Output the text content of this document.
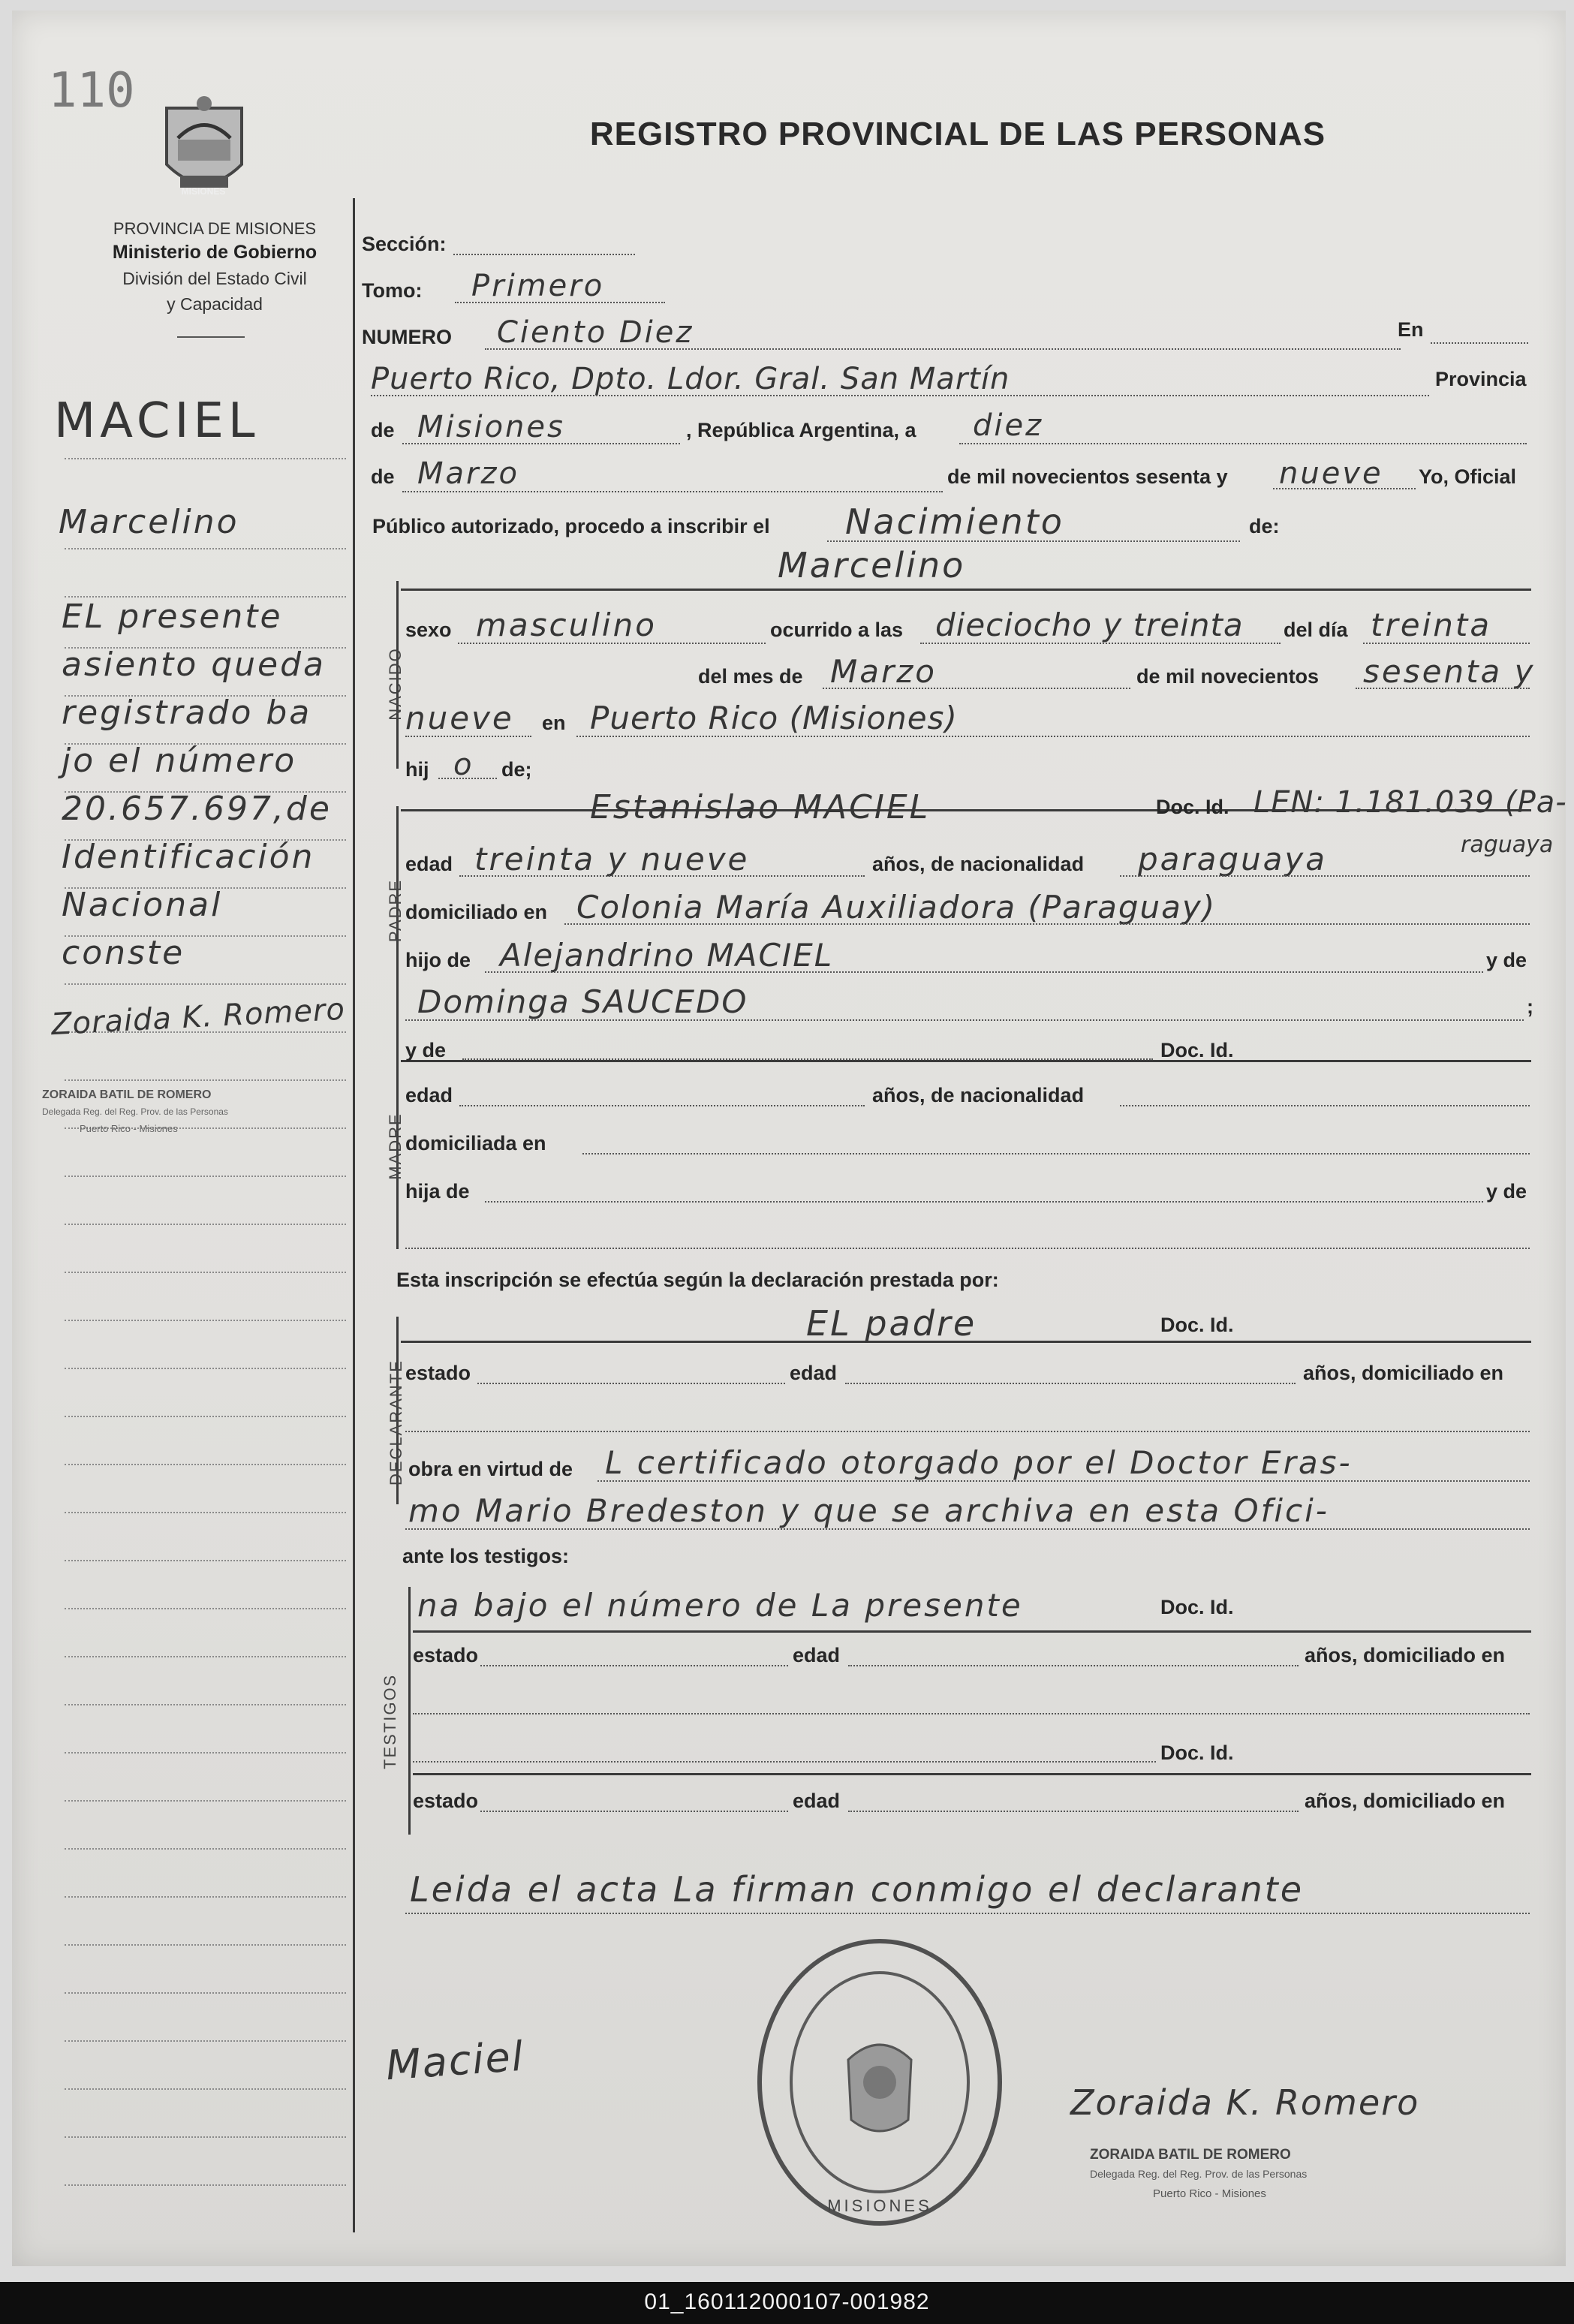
110
MISIONES
PROVINCIA DE MISIONES
Ministerio de Gobierno
División del Estado Civil
y Capacidad
REGISTRO PROVINCIAL DE LAS PERSONAS
MACIEL
Marcelino
EL presente
asiento queda
registrado ba
jo el número
20.657.697,de
Identificación
Nacional
conste
Zoraida K. Romero
ZORAIDA BATIL DE ROMERO
Delegada Reg. del Reg. Prov. de las Personas
Puerto Rico - Misiones
Sección:
Tomo: Primero
NUMERO Ciento Diez	En
Puerto Rico, Dpto. Ldor. Gral. San Martín	Provincia
de Misiones	, República Argentina, a diez
de Marzo	de mil novecientos sesenta y nueve Yo, Oficial
Público autorizado, procedo a inscribir el Nacimiento	de:
NACIDO
Marcelino
sexo masculino	ocurrido a las dieciocho y treinta del día treinta
del mes de Marzo	de mil novecientos sesenta y
nueve en Puerto Rico (Misiones)
hij o de;
PADRE
Estanislao MACIEL	Doc. Id. LEN: 1.181.039 (Pa-
raguaya
edad treinta y nueve	años, de nacionalidad paraguaya
domiciliado en Colonia María Auxiliadora (Paraguay)
hijo de Alejandrino MACIEL	y de
Dominga SAUCEDO	;
MADRE
y de	Doc. Id.
edad	años, de nacionalidad
domiciliada en
hija de	y de
Esta inscripción se efectúa según la declaración prestada por:
DECLARANTE
EL padre	Doc. Id.
estado	edad	años, domiciliado en
obra en virtud de L certificado otorgado por el Doctor Eras-
mo Mario Bredeston y que se archiva en esta Ofici-
ante los testigos:
TESTIGOS
na bajo el número de La presente	Doc. Id.
estado	edad	años, domiciliado en
Doc. Id.
estado	edad	años, domiciliado en
Leida el acta La firman conmigo el declarante
MISIONES
Maciel
Zoraida K. Romero
ZORAIDA BATIL DE ROMERO
Delegada Reg. del Reg. Prov. de las Personas
Puerto Rico - Misiones
01_160112000107-001982
